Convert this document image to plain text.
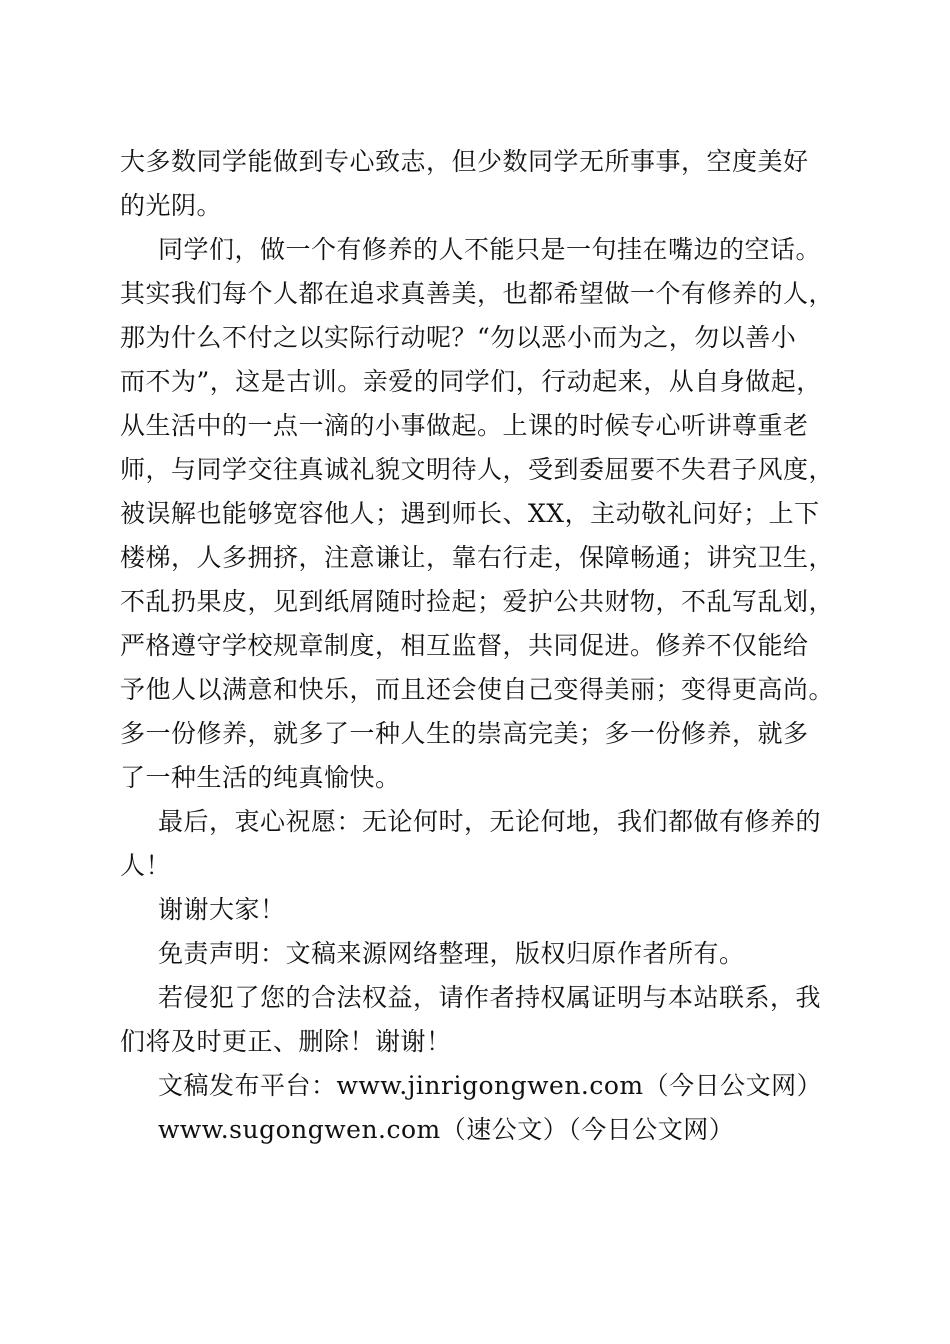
大多数同学能做到专心致志，但少数同学无所事事，空度美好
的光阴。

同学们，做一个有修养的人不能只是一句挂在嘴边的空话。
其实我们每个人都在追求真善美，也都希望做一个有修养的人，
那为什么不付之以实际行动呢？“勿以恶小而为之，勿以善小
而不为”，这是古训。亲爱的同学们，行动起来，从自身做起，
从生活中的一点一滴的小事做起。上课的时候专心听讲尊重老
师，与同学交往真诚礼貌文明待人，受到委屈要不失君子风度，
被误解也能够宽容他人；遇到师长、XX，主动敬礼问好；上下
楼梯，人多拥挤，注意谦让，靠右行走，保障畅通；讲究卫生，
不乱扔果皮，见到纸屑随时捡起；爱护公共财物，不乱写乱划，
严格遵守学校规章制度，相互监督，共同促进。修养不仅能给
予他人以满意和快乐，而且还会使自己变得美丽；变得更高尚。
多一份修养，就多了一种人生的崇高完美；多一份修养，就多
了一种生活的纯真愉快。

最后，衷心祝愿：无论何时，无论何地，我们都做有修养的
人！

谢谢大家！

免责声明：文稿来源网络整理，版权归原作者所有。

若侵犯了您的合法权益，请作者持权属证明与本站联系，我
们将及时更正、删除！谢谢！

文稿发布平台：www.jinrigongwen.com（今日公文网）

www.sugongwen.com（速公文）（今日公文网）
